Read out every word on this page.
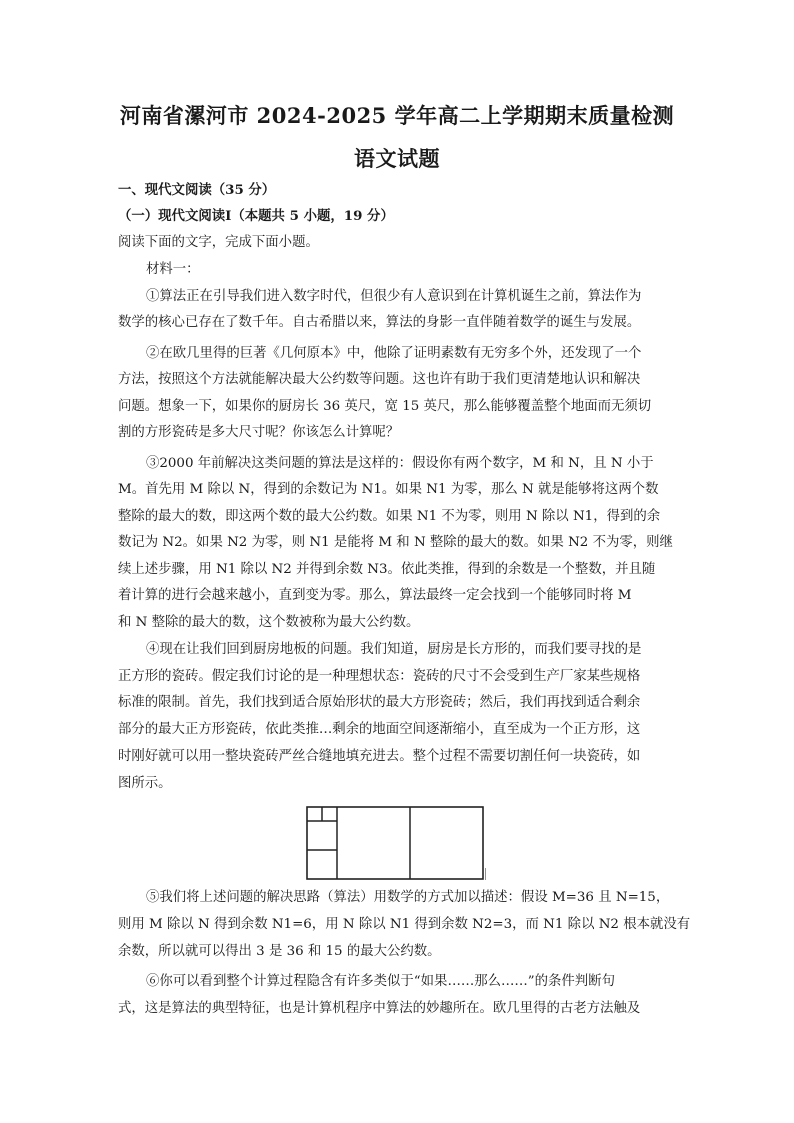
河南省漯河市 2024-2025 学年高二上学期期末质量检测
语文试题
一、现代文阅读（35 分）
（一）现代文阅读Ⅰ（本题共 5 小题，19 分）
阅读下面的文字，完成下面小题。
材料一：
①算法正在引导我们进入数字时代，但很少有人意识到在计算机诞生之前，算法作为
数学的核心已存在了数千年。自古希腊以来，算法的身影一直伴随着数学的诞生与发展。
②在欧几里得的巨著《几何原本》中，他除了证明素数有无穷多个外，还发现了一个
方法，按照这个方法就能解决最大公约数等问题。这也许有助于我们更清楚地认识和解决
问题。想象一下，如果你的厨房长 36 英尺，宽 15 英尺，那么能够覆盖整个地面而无须切
割的方形瓷砖是多大尺寸呢？你该怎么计算呢？
③2000 年前解决这类问题的算法是这样的：假设你有两个数字，M 和 N，且 N 小于
M。首先用 M 除以 N，得到的余数记为 N1。如果 N1 为零，那么 N 就是能够将这两个数
整除的最大的数，即这两个数的最大公约数。如果 N1 不为零，则用 N 除以 N1，得到的余
数记为 N2。如果 N2 为零，则 N1 是能将 M 和 N 整除的最大的数。如果 N2 不为零，则继
续上述步骤，用 N1 除以 N2 并得到余数 N3。依此类推，得到的余数是一个整数，并且随
着计算的进行会越来越小，直到变为零。那么，算法最终一定会找到一个能够同时将 M
和 N 整除的最大的数，这个数被称为最大公约数。
④现在让我们回到厨房地板的问题。我们知道，厨房是长方形的，而我们要寻找的是
正方形的瓷砖。假定我们讨论的是一种理想状态：瓷砖的尺寸不会受到生产厂家某些规格
标准的限制。首先，我们找到适合原始形状的最大方形瓷砖；然后，我们再找到适合剩余
部分的最大正方形瓷砖，依此类推…剩余的地面空间逐渐缩小，直至成为一个正方形，这
时刚好就可以用一整块瓷砖严丝合缝地填充进去。整个过程不需要切割任何一块瓷砖，如
图所示。
⑤我们将上述问题的解决思路（算法）用数学的方式加以描述：假设 M=36 且 N=15，
则用 M 除以 N 得到余数 N1=6，用 N 除以 N1 得到余数 N2=3，而 N1 除以 N2 根本就没有
余数，所以就可以得出 3 是 36 和 15 的最大公约数。
⑥你可以看到整个计算过程隐含有许多类似于“如果……那么……”的条件判断句
式，这是算法的典型特征，也是计算机程序中算法的妙趣所在。欧几里得的古老方法触及
